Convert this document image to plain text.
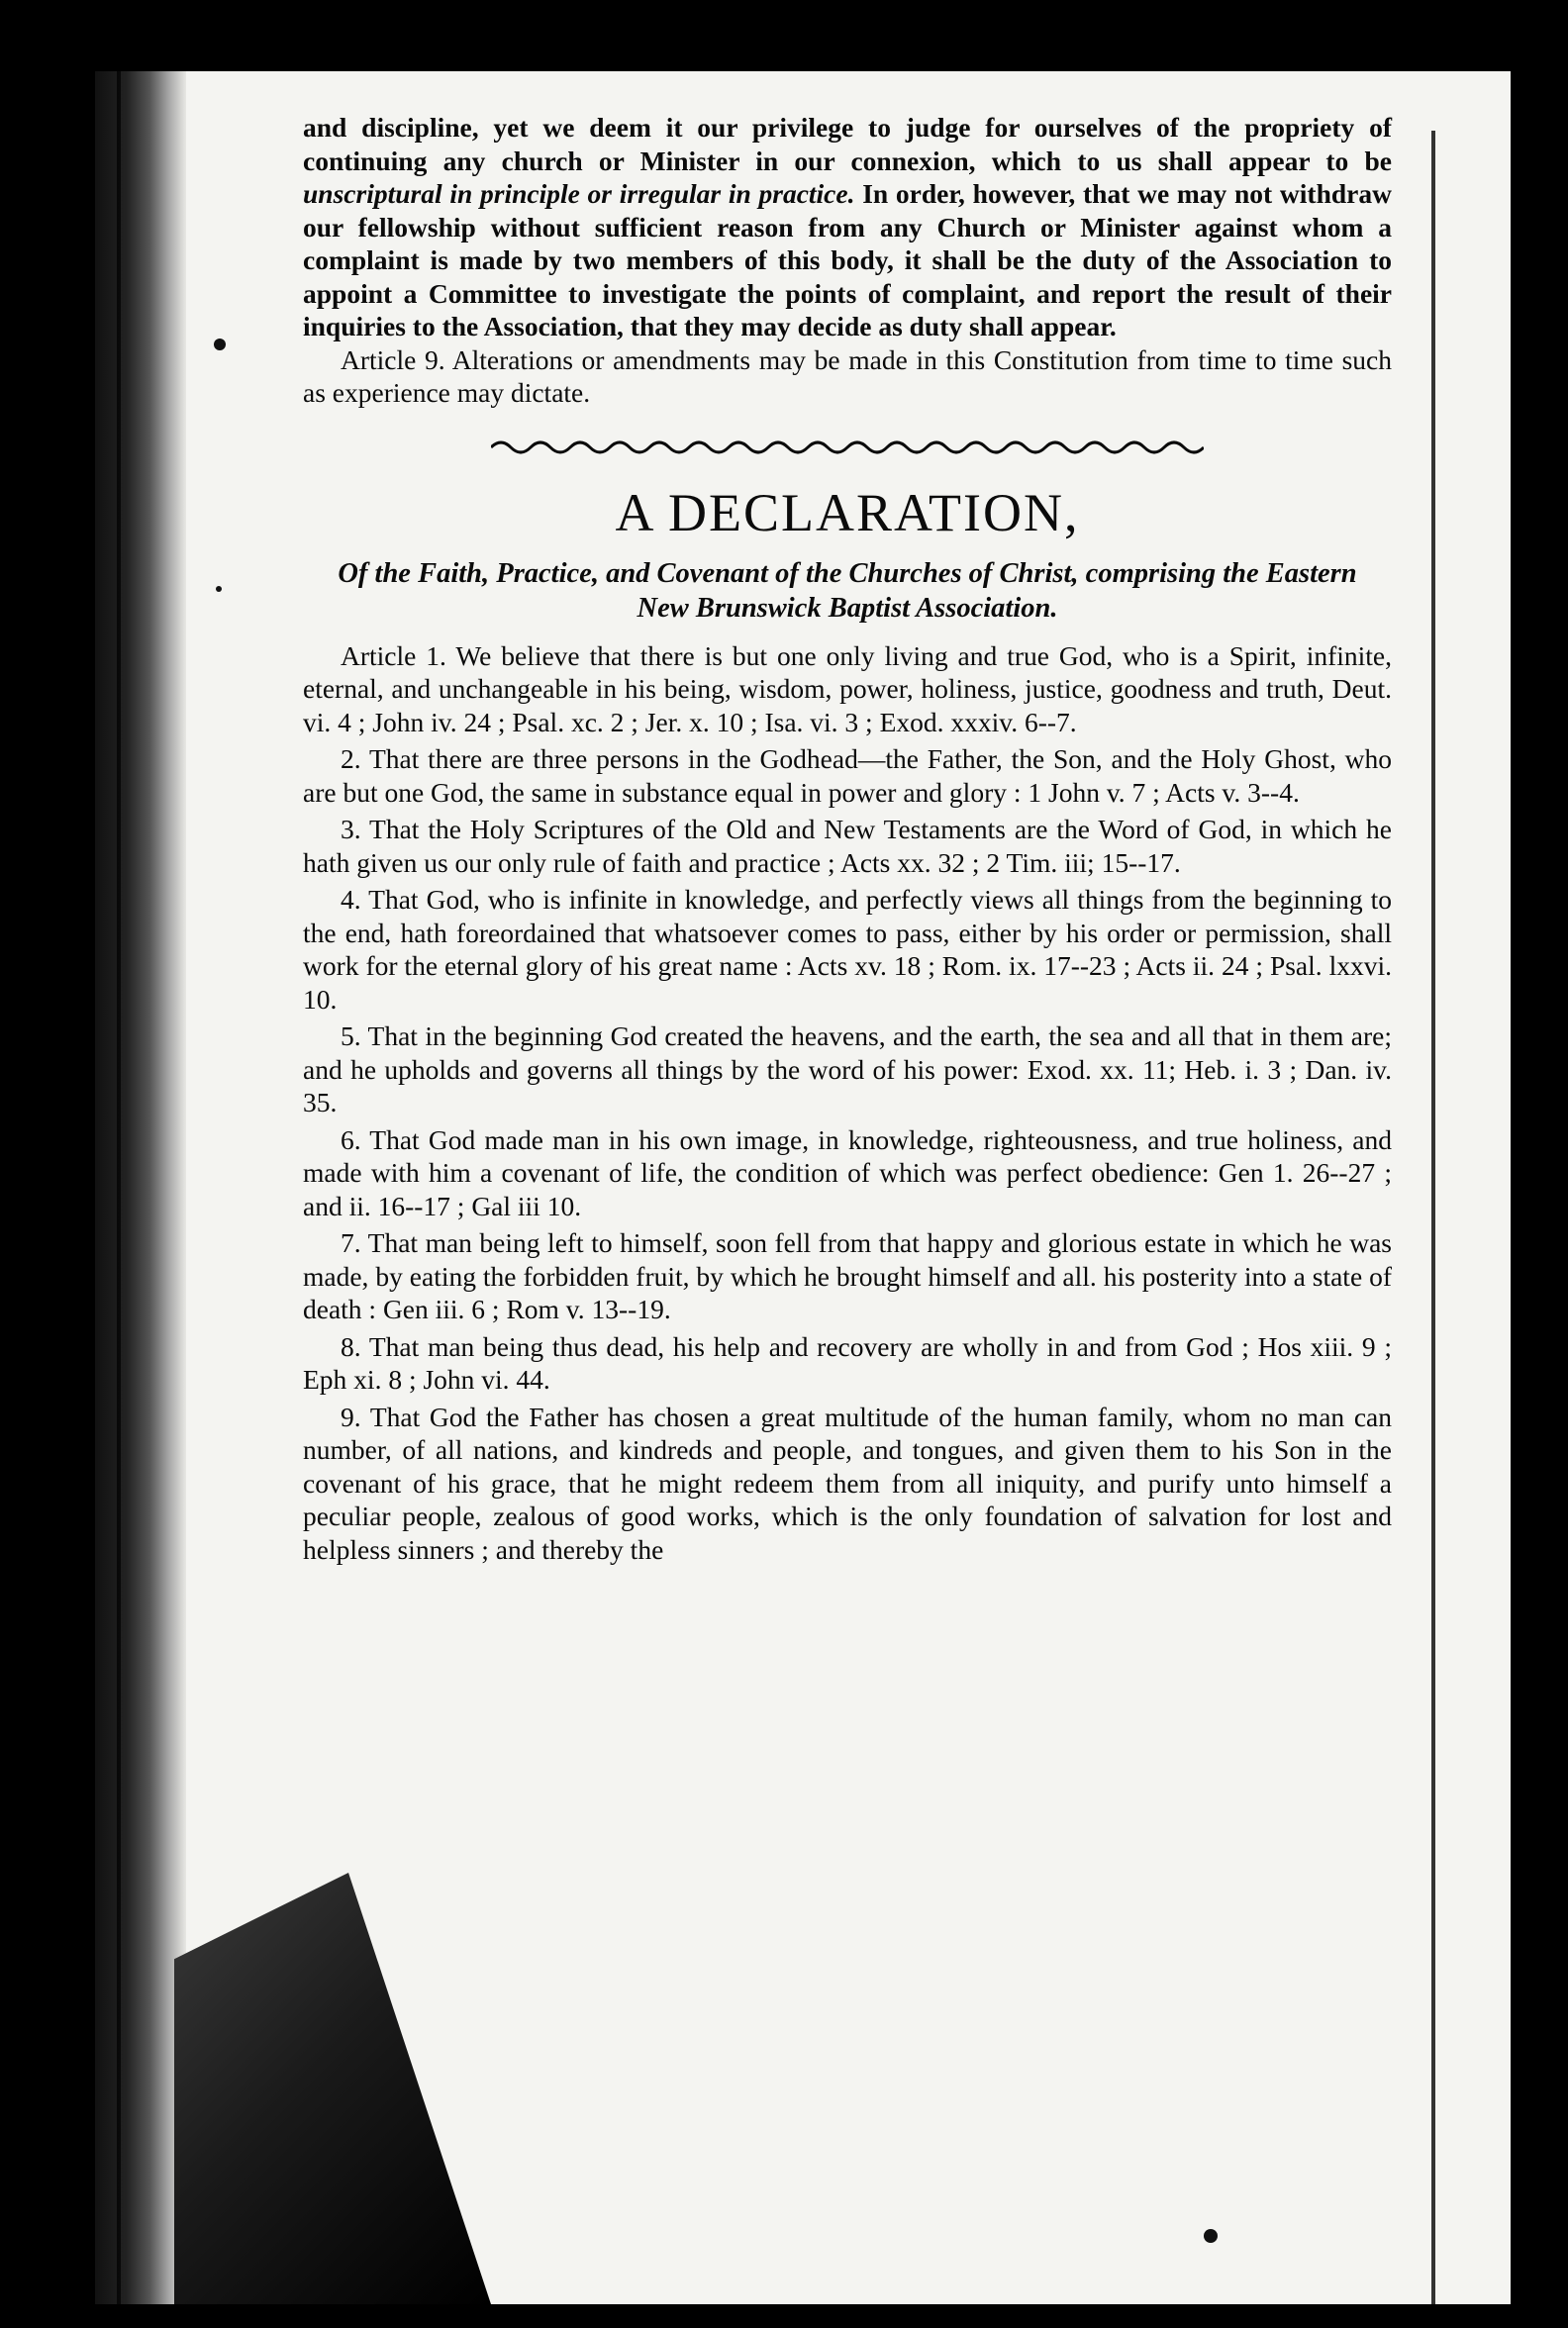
and discipline, yet we deem it our privilege to judge for ourselves of the propriety of continuing any church or Minister in our connexion, which to us shall appear to be unscriptural in principle or irregular in practice. In order, however, that we may not withdraw our fellowship without sufficient reason from any Church or Minister against whom a complaint is made by two members of this body, it shall be the duty of the Association to appoint a Committee to investigate the points of complaint, and report the result of their inquiries to the Association, that they may decide as duty shall appear.

Article 9. Alterations or amendments may be made in this Constitution from time to time such as experience may dictate.

A DECLARATION,
Of the Faith, Practice, and Covenant of the Churches of Christ, comprising the Eastern New Brunswick Baptist Association.

Article 1. We believe that there is but one only living and true God, who is a Spirit, infinite, eternal, and unchangeable in his being, wisdom, power, holiness, justice, goodness and truth, Deut. vi. 4 ; John iv. 24 ; Psal. xc. 2 ; Jer. x. 10 ; Isa. vi. 3 ; Exod. xxxiv. 6--7.

2. That there are three persons in the Godhead—the Father, the Son, and the Holy Ghost, who are but one God, the same in substance equal in power and glory : 1 John v. 7 ; Acts v. 3--4.

3. That the Holy Scriptures of the Old and New Testaments are the Word of God, in which he hath given us our only rule of faith and practice ; Acts xx. 32 ; 2 Tim. iii; 15--17.

4. That God, who is infinite in knowledge, and perfectly views all things from the beginning to the end, hath foreordained that whatsoever comes to pass, either by his order or permission, shall work for the eternal glory of his great name : Acts xv. 18 ; Rom. ix. 17--23 ; Acts ii. 24 ; Psal. lxxvi. 10.

5. That in the beginning God created the heavens, and the earth, the sea and all that in them are; and he upholds and governs all things by the word of his power: Exod. xx. 11; Heb. i. 3 ; Dan. iv. 35.

6. That God made man in his own image, in knowledge, righteousness, and true holiness, and made with him a covenant of life, the condition of which was perfect obedience: Gen 1. 26--27 ; and ii. 16--17 ; Gal iii 10.

7. That man being left to himself, soon fell from that happy and glorious estate in which he was made, by eating the forbidden fruit, by which he brought himself and all. his posterity into a state of death : Gen iii. 6 ; Rom v. 13--19.

8. That man being thus dead, his help and recovery are wholly in and from God ; Hos xiii. 9 ; Eph xi. 8 ; John vi. 44.

9. That God the Father has chosen a great multitude of the human family, whom no man can number, of all nations, and kindreds and people, and tongues, and given them to his Son in the covenant of his grace, that he might redeem them from all iniquity, and purify unto himself a peculiar people, zealous of good works, which is the only foundation of salvation for lost and helpless sinners ; and thereby the
